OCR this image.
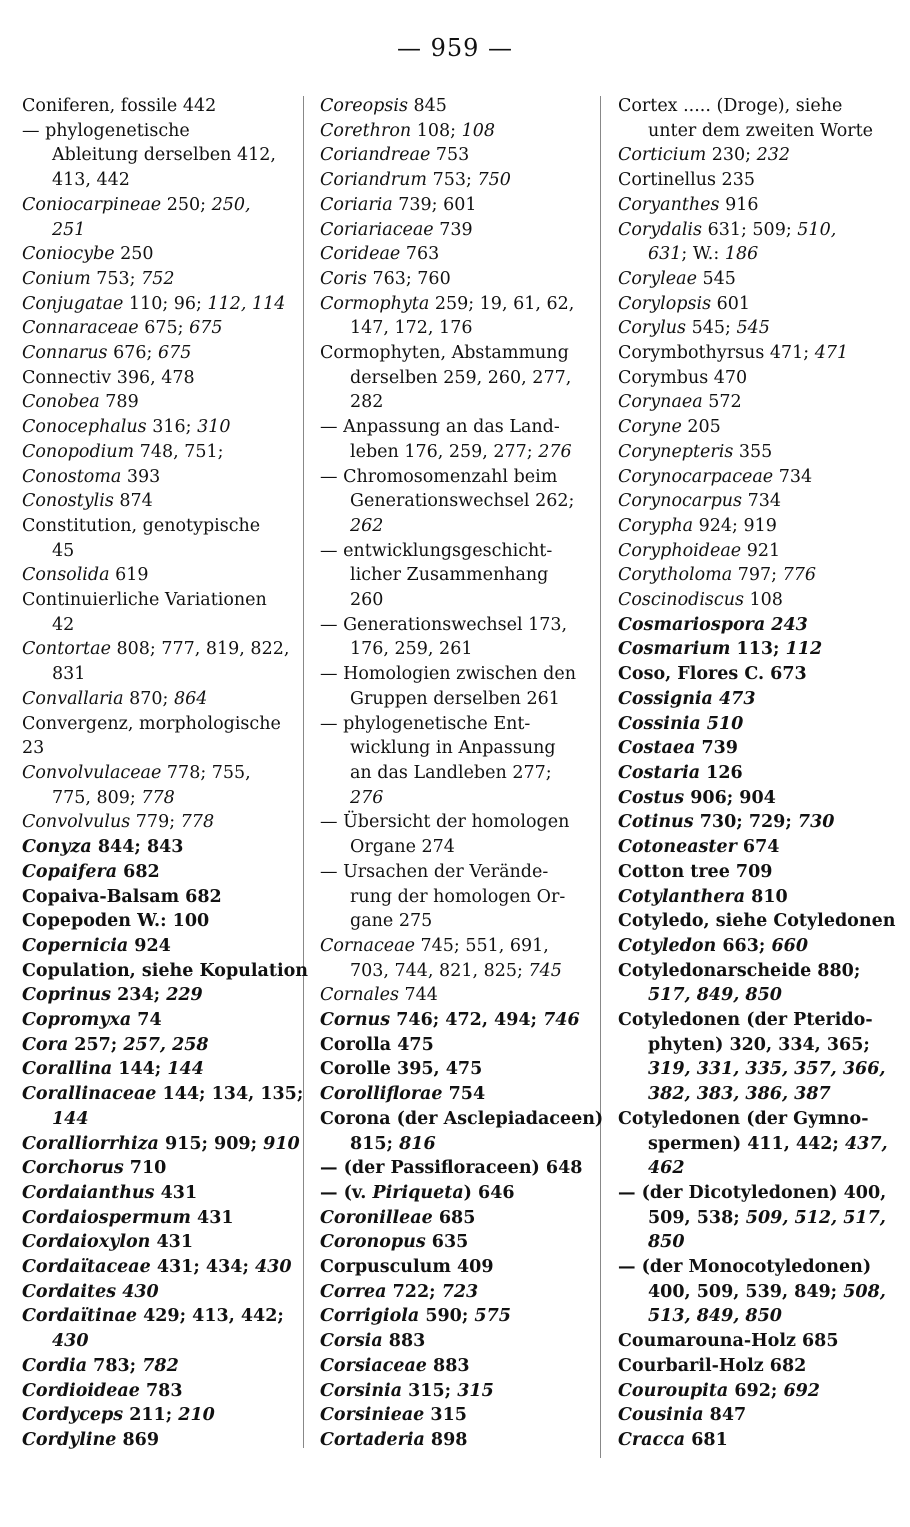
— 959 —
Coniferen, fossile 442
— phylogenetische
Ableitung derselben 412,
413, 442
Coniocarpineae 250; 250,
251
Coniocybe 250
Conium 753; 752
Conjugatae 110; 96; 112, 114
Connaraceae 675; 675
Connarus 676; 675
Connectiv 396, 478
Conobea 789
Conocephalus 316; 310
Conopodium 748, 751;
Conostoma 393
Conostylis 874
Constitution, genotypische
45
Consolida 619
Continuierliche Variationen
42
Contortae 808; 777, 819, 822,
831
Convallaria 870; 864
Convergenz, morphologische
23
Convolvulaceae 778; 755,
775, 809; 778
Convolvulus 779; 778
Conyza 844; 843
Copaifera 682
Copaiva-Balsam 682
Copepoden W.: 100
Copernicia 924
Copulation, siehe Kopulation
Coprinus 234; 229
Copromyxa 74
Cora 257; 257, 258
Corallina 144; 144
Corallinaceae 144; 134, 135;
144
Coralliorrhiza 915; 909; 910
Corchorus 710
Cordaianthus 431
Cordaiospermum 431
Cordaioxylon 431
Cordaïtaceae 431; 434; 430
Cordaites 430
Cordaïtinae 429; 413, 442;
430
Cordia 783; 782
Cordioideae 783
Cordyceps 211; 210
Cordyline 869
Coreopsis 845
Corethron 108; 108
Coriandreae 753
Coriandrum 753; 750
Coriaria 739; 601
Coriariaceae 739
Corideae 763
Coris 763; 760
Cormophyta 259; 19, 61, 62,
147, 172, 176
Cormophyten, Abstammung
derselben 259, 260, 277,
282
— Anpassung an das Land-
leben 176, 259, 277; 276
— Chromosomenzahl beim
Generationswechsel 262;
262
— entwicklungsgeschicht-
licher Zusammenhang
260
— Generationswechsel 173,
176, 259, 261
— Homologien zwischen den
Gruppen derselben 261
— phylogenetische Ent-
wicklung in Anpassung
an das Landleben 277;
276
— Übersicht der homologen
Organe 274
— Ursachen der Verände-
rung der homologen Or-
gane 275
Cornaceae 745; 551, 691,
703, 744, 821, 825; 745
Cornales 744
Cornus 746; 472, 494; 746
Corolla 475
Corolle 395, 475
Corolliflorae 754
Corona (der Asclepiadaceen)
815; 816
— (der Passifloraceen) 648
— (v. Piriqueta) 646
Coronilleae 685
Coronopus 635
Corpusculum 409
Correa 722; 723
Corrigiola 590; 575
Corsia 883
Corsiaceae 883
Corsinia 315; 315
Corsinieae 315
Cortaderia 898
Cortex ..... (Droge), siehe
unter dem zweiten Worte
Corticium 230; 232
Cortinellus 235
Coryanthes 916
Corydalis 631; 509; 510,
631; W.: 186
Coryleae 545
Corylopsis 601
Corylus 545; 545
Corymbothyrsus 471; 471
Corymbus 470
Corynaea 572
Coryne 205
Corynepteris 355
Corynocarpaceae 734
Corynocarpus 734
Corypha 924; 919
Coryphoideae 921
Corytholoma 797; 776
Coscinodiscus 108
Cosmariospora 243
Cosmarium 113; 112
Coso, Flores C. 673
Cossignia 473
Cossinia 510
Costaea 739
Costaria 126
Costus 906; 904
Cotinus 730; 729; 730
Cotoneaster 674
Cotton tree 709
Cotylanthera 810
Cotyledo, siehe Cotyledonen
Cotyledon 663; 660
Cotyledonarscheide 880;
517, 849, 850
Cotyledonen (der Pterido-
phyten) 320, 334, 365;
319, 331, 335, 357, 366,
382, 383, 386, 387
Cotyledonen (der Gymno-
spermen) 411, 442; 437,
462
— (der Dicotyledonen) 400,
509, 538; 509, 512, 517,
850
— (der Monocotyledonen)
400, 509, 539, 849; 508,
513, 849, 850
Coumarouna-Holz 685
Courbaril-Holz 682
Couroupita 692; 692
Cousinia 847
Cracca 681
